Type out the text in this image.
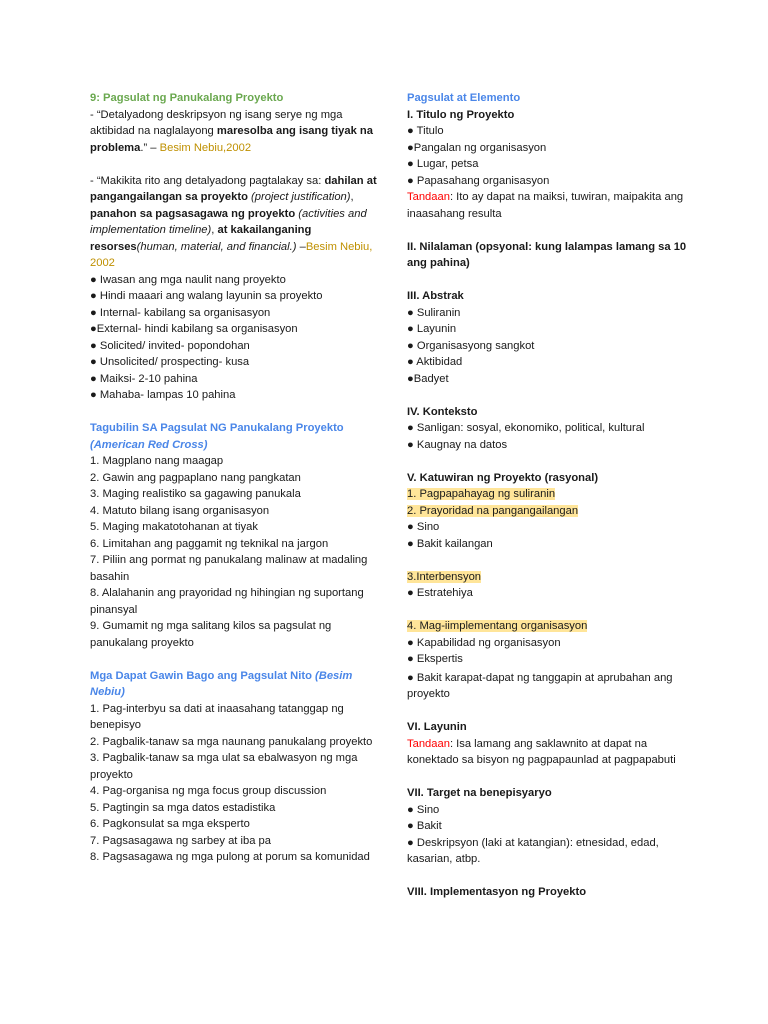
9: Pagsulat ng Panukalang Proyekto
- “Detalyadong deskripsyon ng isang serye ng mga aktibidad na naglalayong maresolba ang isang tiyak na problema.” – Besim Nebiu,2002
- “Makikita rito ang detalyadong pagtalakay sa: dahilan at pangangailangan sa proyekto (project justification), panahon sa pagsasagawa ng proyekto (activities and implementation timeline), at kakailanganing resorses(human, material, and financial.) –Besim Nebiu, 2002
● Iwasan ang mga naulit nang proyekto
● Hindi maaari ang walang layunin sa proyekto
● Internal- kabilang sa organisasyon
●External- hindi kabilang sa organisasyon
● Solicited/ invited- popondohan
● Unsolicited/ prospecting- kusa
● Maiksi- 2-10 pahina
● Mahaba- lampas 10 pahina
Tagubilin SA Pagsulat NG Panukalang Proyekto (American Red Cross)
1. Magplano nang maagap
2. Gawin ang pagpaplano nang pangkatan
3. Maging realistiko sa gagawing panukala
4. Matuto bilang isang organisasyon
5. Maging makatotohanan at tiyak
6. Limitahan ang paggamit ng teknikal na jargon
7. Piliin ang pormat ng panukalang malinaw at madaling basahin
8. Alalahanin ang prayoridad ng hihingian ng suportang pinansyal
9. Gumamit ng mga salitang kilos sa pagsulat ng panukalang proyekto
Mga Dapat Gawin Bago ang Pagsulat Nito (Besim Nebiu)
1. Pag-interbyu sa dati at inaasahang tatanggap ng benepisyo
2. Pagbalik-tanaw sa mga naunang panukalang proyekto
3. Pagbalik-tanaw sa mga ulat sa ebalwasyon ng mga proyekto
4. Pag-organisa ng mga focus group discussion
5. Pagtingin sa mga datos estadistika
6. Pagkonsulat sa mga eksperto
7. Pagsasagawa ng sarbey at iba pa
8. Pagsasagawa ng mga pulong at porum sa komunidad
Pagsulat at Elemento
I. Titulo ng Proyekto
● Titulo
●Pangalan ng organisasyon
● Lugar, petsa
● Papasahang organisasyon
Tandaan: Ito ay dapat na maiksi, tuwiran, maipakita ang inaasahang resulta
II. Nilalaman (opsyonal: kung lalampas lamang sa 10 ang pahina)
III. Abstrak
● Suliranin
● Layunin
● Organisasyong sangkot
● Aktibidad
●Badyet
IV. Konteksto
● Sanligan: sosyal, ekonomiko, political, kultural
● Kaugnay na datos
V. Katuwiran ng Proyekto (rasyonal)
1. Pagpapahayag ng suliranin
2. Prayoridad na pangangailangan
● Sino
● Bakit kailangan
3.Interbensyon
● Estratehiya
4. Mag-iimplementang organisasyon
● Kapabilidad ng organisasyon
● Ekspertis
● Bakit karapat-dapat ng tanggapin at aprubahan ang proyekto
VI. Layunin
Tandaan: Isa lamang ang saklawnito at dapat na konektado sa bisyon ng pagpapaunlad at pagpapabuti
VII. Target na benepisyaryo
● Sino
● Bakit
● Deskripsyon (laki at katangian): etnesidad, edad, kasarian, atbp.
VIII. Implementasyon ng Proyekto
